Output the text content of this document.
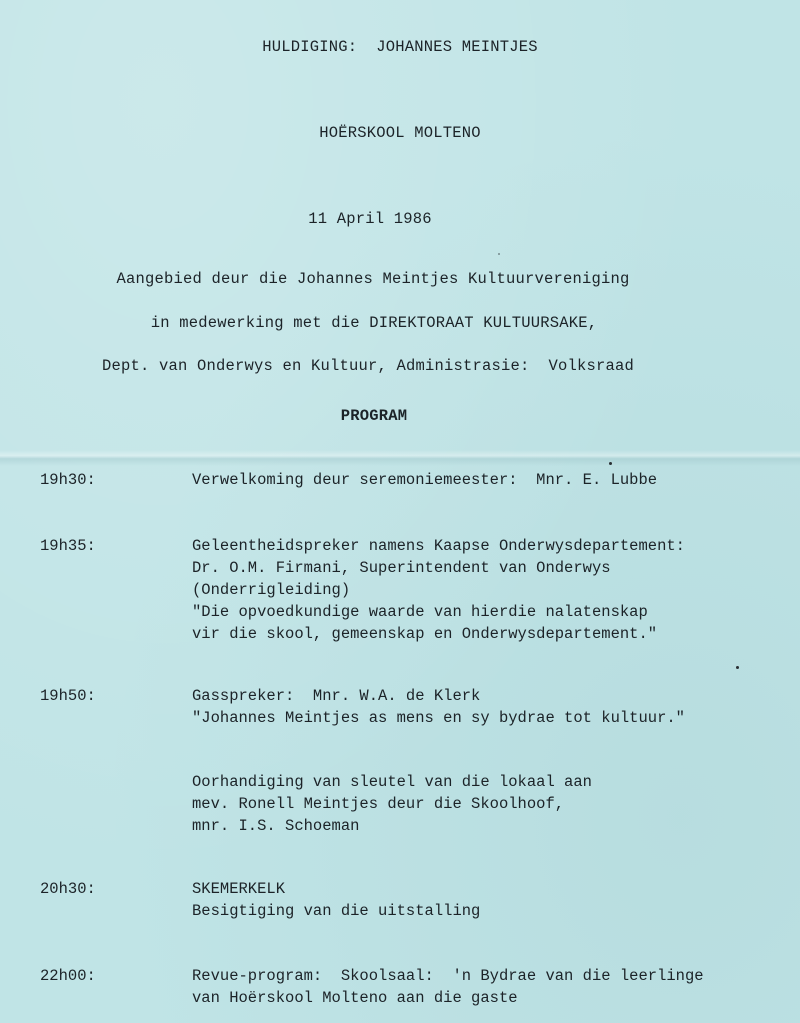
HULDIGING:  JOHANNES MEINTJES
HOËRSKOOL MOLTENO
11 April 1986
Aangebied deur die Johannes Meintjes Kultuurvereniging
in medewerking met die DIREKTORAAT KULTUURSAKE,
Dept. van Onderwys en Kultuur, Administrasie:  Volksraad
PROGRAM
19h30:	Verwelkoming deur seremoniemeester:  Mnr. E. Lubbe
19h35:	Geleentheidspreker namens Kaapse Onderwysdepartement:
Dr. O.M. Firmani, Superintendent van Onderwys
(Onderrigleiding)
"Die opvoedkundige waarde van hierdie nalatenskap
vir die skool, gemeenskap en Onderwysdepartement."
19h50:	Gasspreker:  Mnr. W.A. de Klerk
"Johannes Meintjes as mens en sy bydrae tot kultuur."
Oorhandiging van sleutel van die lokaal aan
mev. Ronell Meintjes deur die Skoolhoof,
mnr. I.S. Schoeman
20h30:	SKEMERKELK
Besigtiging van die uitstalling
22h00:	Revue-program:  Skoolsaal:  'n Bydrae van die leerlinge
van Hoërskool Molteno aan die gaste
